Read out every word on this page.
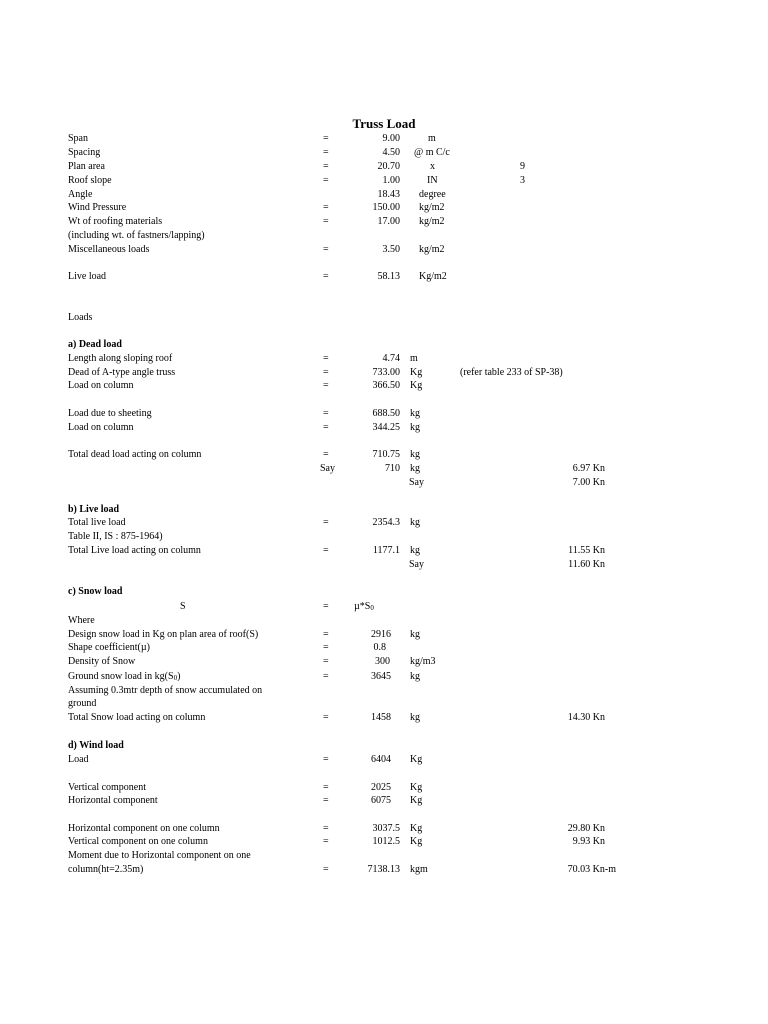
Truss Load
Span	=	9.00	m
Spacing	=	4.50 @ m C/c
Plan area	=	20.70	x	9
Roof slope	=	1.00	IN	3
Angle	18.43 degree
Wind Pressure	=	150.00 kg/m2
Wt of roofing materials	=	17.00 kg/m2
(including wt. of fastners/lapping)
Miscellaneous loads	=	3.50 kg/m2
Live load	=	58.13 Kg/m2
Loads
a) Dead load
Length along sloping roof	=	4.74 m
Dead of A-type angle truss	=	733.00 Kg	(refer table 233 of SP-38)
Load on column	=	366.50 Kg
Load due to sheeting	=	688.50 kg
Load on column	=	344.25 kg
Total dead load acting on column	=	710.75 kg
Say	710 kg	6.97 Kn
Say	7.00 Kn
b) Live load
Total live load	=	2354.3 kg
Table II, IS : 875-1964)
Total Live load acting on column	=	1177.1 kg	11.55 Kn
Say	11.60 Kn
c) Snow load
S	=	$\mu*S_0$
Where
Design snow load in Kg on plan area of roof(S)	=	2916 kg
Shape coefficient(µ)	=	0.8
Density of Snow	=	300 kg/m3
Ground snow load in $kg(S_0)$	=	3645 kg
Assuming 0.3mtr depth of snow accumulated on
ground
Total Snow load acting on column	=	1458 kg	14.30 Kn
d) Wind load
Load	=	6404 Kg
Vertical component	=	2025 Kg
Horizontal component	=	6075 Kg
Horizontal component on one column	=	3037.5 Kg	29.80 Kn
Vertical component on one column	=	1012.5 Kg	9.93 Kn
Moment due to Horizontal component on one
column(ht=2.35m)	=	7138.13 kgm	70.03 Kn-m
